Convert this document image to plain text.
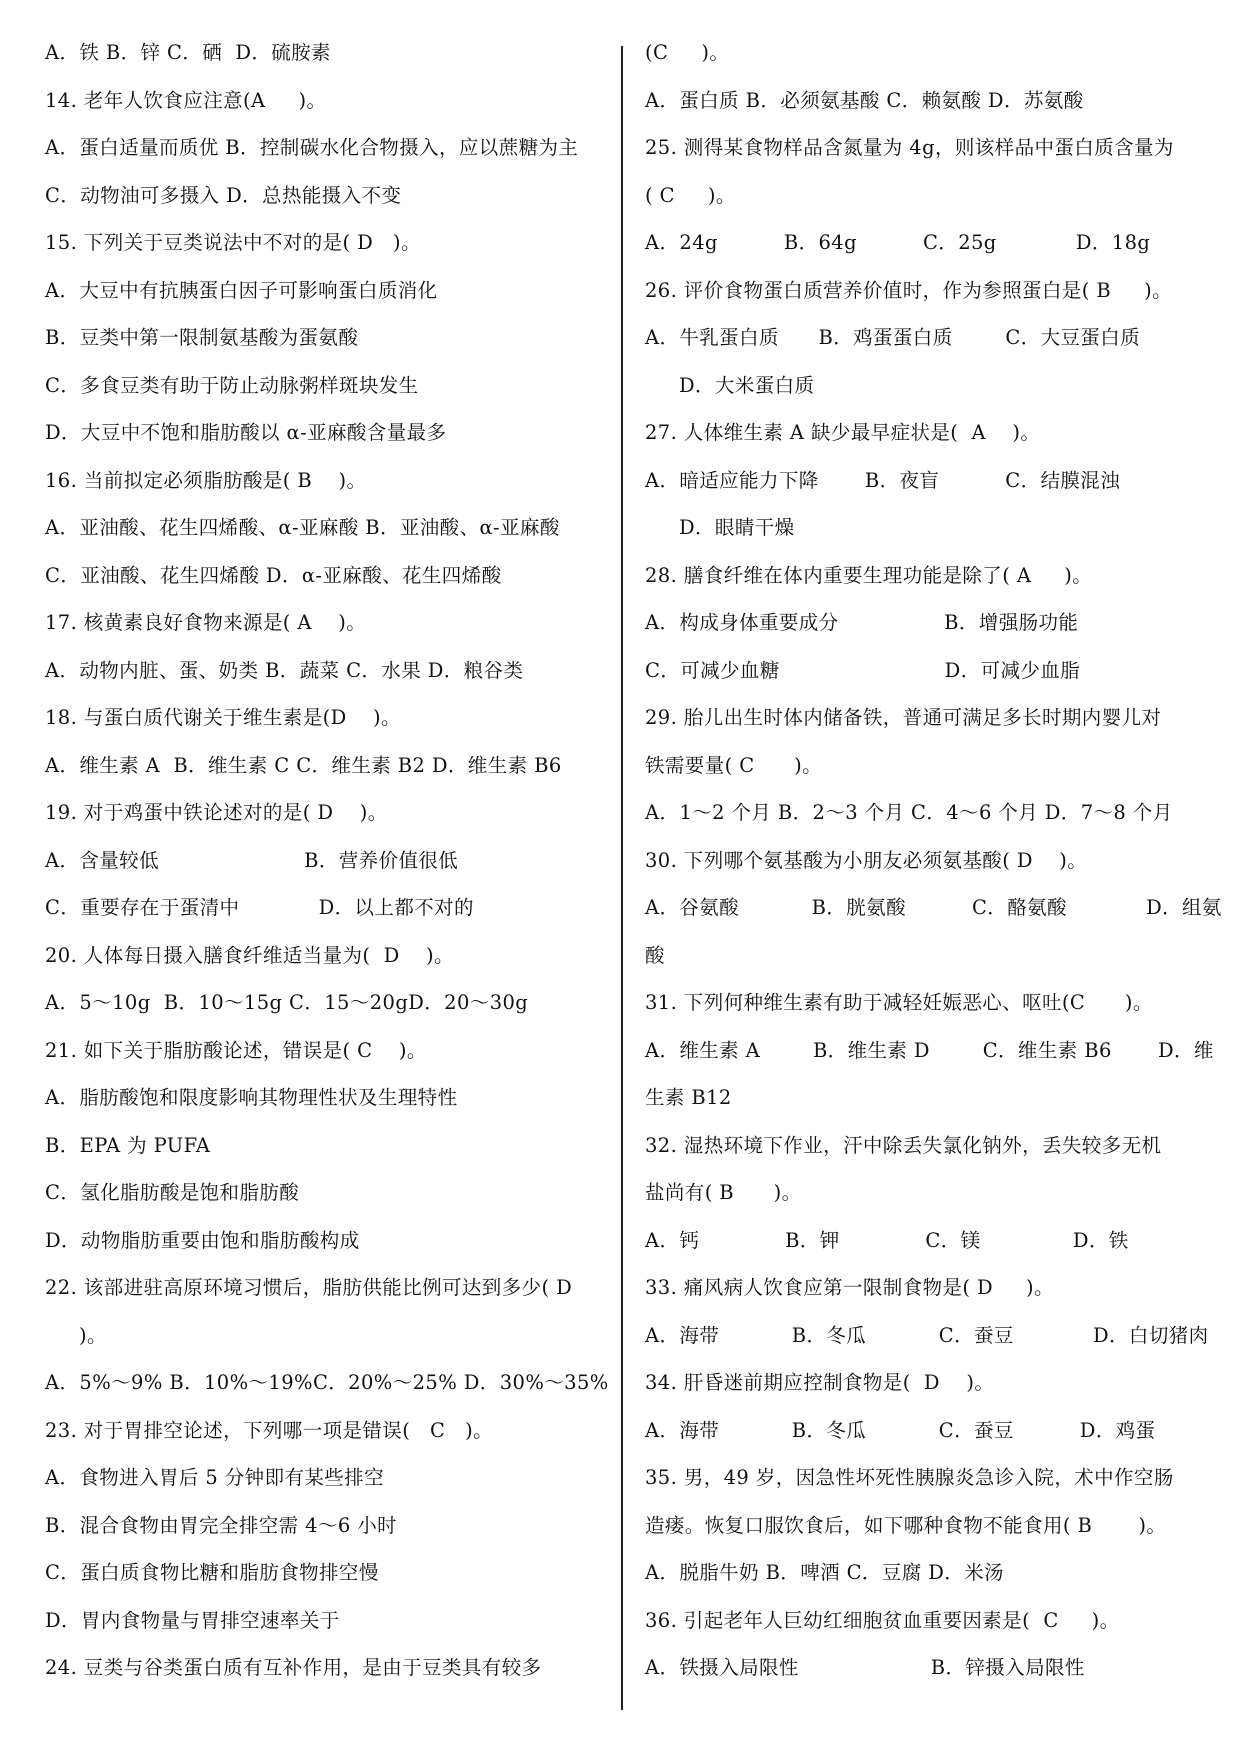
A．铁 B．锌 C．硒  D．硫胺素
14. 老年人饮食应注意(A     )。
A．蛋白适量而质优 B．控制碳水化合物摄入，应以蔗糖为主
C．动物油可多摄入 D．总热能摄入不变
15. 下列关于豆类说法中不对的是( D   )。
A．大豆中有抗胰蛋白因子可影响蛋白质消化
B．豆类中第一限制氨基酸为蛋氨酸
C．多食豆类有助于防止动脉粥样斑块发生
D．大豆中不饱和脂肪酸以 α-亚麻酸含量最多
16. 当前拟定必须脂肪酸是( B    )。
A．亚油酸、花生四烯酸、α-亚麻酸 B．亚油酸、α-亚麻酸
C．亚油酸、花生四烯酸 D．α-亚麻酸、花生四烯酸
17. 核黄素良好食物来源是( A    )。
A．动物内脏、蛋、奶类 B．蔬菜 C．水果 D．粮谷类
18. 与蛋白质代谢关于维生素是(D    )。
A．维生素 A  B．维生素 C C．维生素 B2 D．维生素 B6
19. 对于鸡蛋中铁论述对的是( D    )。
A．含量较低                      B．营养价值很低
C．重要存在于蛋清中            D．以上都不对的
20. 人体每日摄入膳食纤维适当量为(  D    )。
A．5～10g  B．10～15g C．15～20gD．20～30g
21. 如下关于脂肪酸论述，错误是( C    )。
A．脂肪酸饱和限度影响其物理性状及生理特性
B．EPA 为 PUFA
C．氢化脂肪酸是饱和脂肪酸
D．动物脂肪重要由饱和脂肪酸构成
22. 该部进驻高原环境习惯后，脂肪供能比例可达到多少( D
)。
A．5%～9% B．10%～19%C．20%～25% D．30%～35%
23. 对于胃排空论述，下列哪一项是错误(   C   )。
A．食物进入胃后 5 分钟即有某些排空
B．混合食物由胃完全排空需 4～6 小时
C．蛋白质食物比糖和脂肪食物排空慢
D．胃内食物量与胃排空速率关于
24. 豆类与谷类蛋白质有互补作用，是由于豆类具有较多
(C     )。
A．蛋白质 B．必须氨基酸 C．赖氨酸 D．苏氨酸
25. 测得某食物样品含氮量为 4g，则该样品中蛋白质含量为
( C     )。
A．24g          B．64g          C．25g            D．18g
26. 评价食物蛋白质营养价值时，作为参照蛋白是( B     )。
A．牛乳蛋白质      B．鸡蛋蛋白质        C．大豆蛋白质
D．大米蛋白质
27. 人体维生素 A 缺少最早症状是(  A    )。
A．暗适应能力下降       B．夜盲          C．结膜混浊
D．眼睛干燥
28. 膳食纤维在体内重要生理功能是除了( A     )。
A．构成身体重要成分                B．增强肠功能
C．可减少血糖                         D．可减少血脂
29. 胎儿出生时体内储备铁，普通可满足多长时期内婴儿对
铁需要量( C      )。
A．1～2 个月 B．2～3 个月 C．4～6 个月 D．7～8 个月
30. 下列哪个氨基酸为小朋友必须氨基酸( D    )。
A．谷氨酸           B．胱氨酸          C．酪氨酸            D．组氨
酸
31. 下列何种维生素有助于减轻妊娠恶心、呕吐(C      )。
A．维生素 A        B．维生素 D        C．维生素 B6       D．维
生素 B12
32. 湿热环境下作业，汗中除丢失氯化钠外，丢失较多无机
盐尚有( B      )。
A．钙             B．钾             C．镁              D．铁
33. 痛风病人饮食应第一限制食物是( D     )。
A．海带           B．冬瓜           C．蚕豆            D．白切猪肉
34. 肝昏迷前期应控制食物是(  D    )。
A．海带           B．冬瓜           C．蚕豆          D．鸡蛋
35. 男，49 岁，因急性坏死性胰腺炎急诊入院，术中作空肠
造瘘。恢复口服饮食后，如下哪种食物不能食用( B       )。
A．脱脂牛奶 B．啤酒 C．豆腐 D．米汤
36. 引起老年人巨幼红细胞贫血重要因素是(  C     )。
A．铁摄入局限性                    B．锌摄入局限性
